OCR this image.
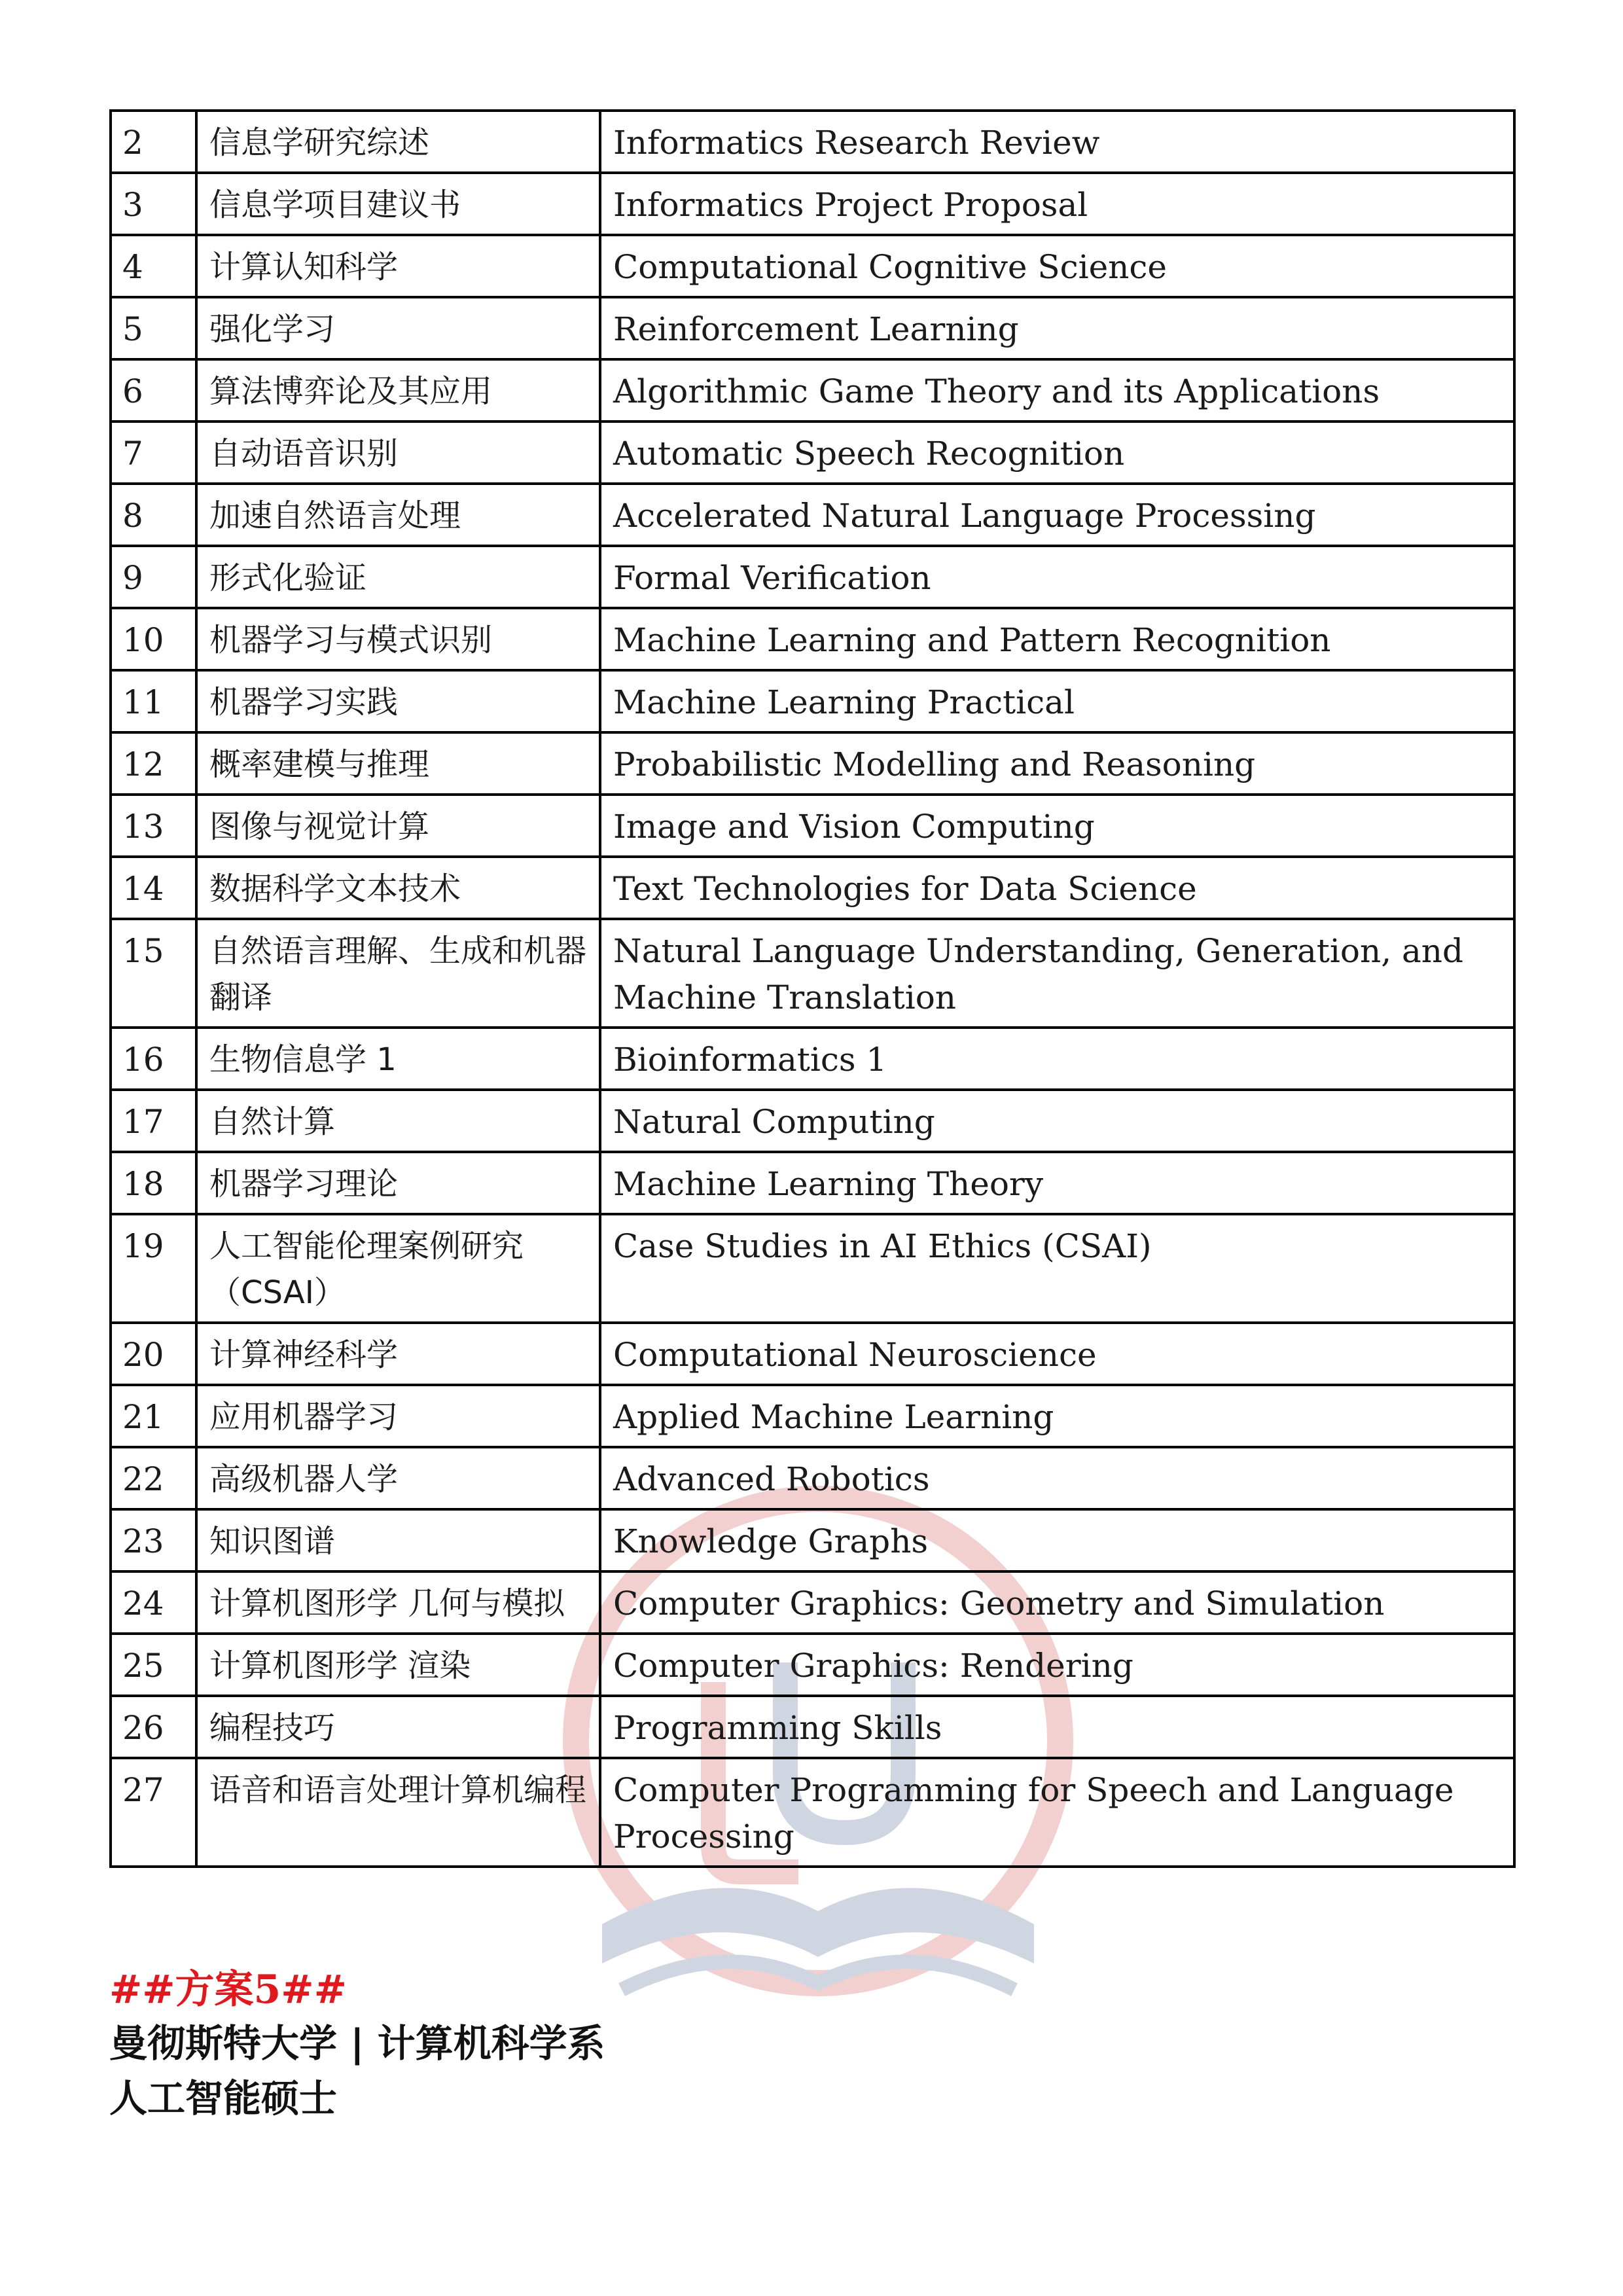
2	信息学研究综述	Informatics Research Review
3	信息学项目建议书	Informatics Project Proposal
4	计算认知科学	Computational Cognitive Science
5	强化学习	Reinforcement Learning
6	算法博弈论及其应用	Algorithmic Game Theory and its Applications
7	自动语音识别	Automatic Speech Recognition
8	加速自然语言处理	Accelerated Natural Language Processing
9	形式化验证	Formal Verification
10	机器学习与模式识别	Machine Learning and Pattern Recognition
11	机器学习实践	Machine Learning Practical
12	概率建模与推理	Probabilistic Modelling and Reasoning
13	图像与视觉计算	Image and Vision Computing
14	数据科学文本技术	Text Technologies for Data Science
15	自然语言理解、生成和机器翻译	Natural Language Understanding, Generation, and Machine Translation
16	生物信息学 1	Bioinformatics 1
17	自然计算	Natural Computing
18	机器学习理论	Machine Learning Theory
19	人工智能伦理案例研究（CSAI）	Case Studies in AI Ethics (CSAI)
20	计算神经科学	Computational Neuroscience
21	应用机器学习	Applied Machine Learning
22	高级机器人学	Advanced Robotics
23	知识图谱	Knowledge Graphs
24	计算机图形学 几何与模拟	Computer Graphics: Geometry and Simulation
25	计算机图形学 渲染	Computer Graphics: Rendering
26	编程技巧	Programming Skills
27	语音和语言处理计算机编程	Computer Programming for Speech and Language Processing
##方案5##
曼彻斯特大学 | 计算机科学系
人工智能硕士
